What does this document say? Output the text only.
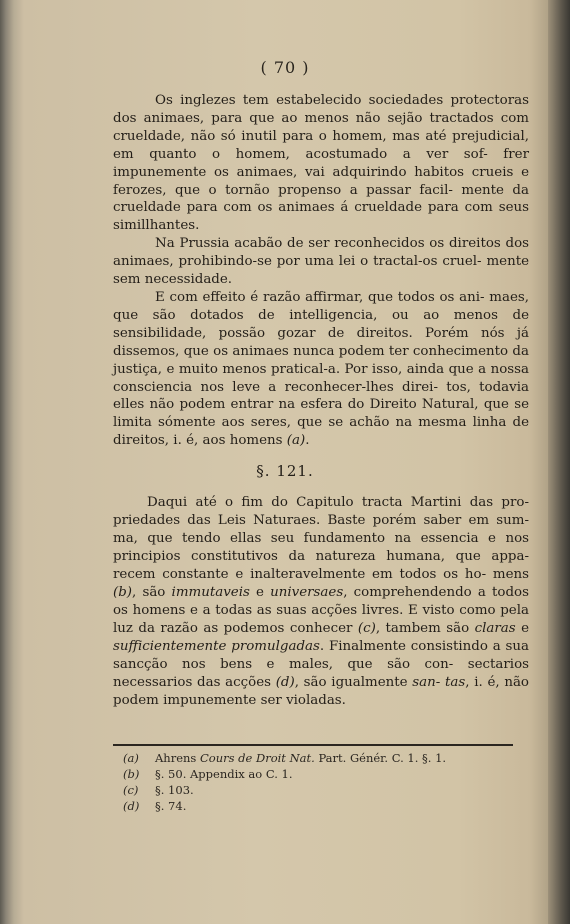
( 70 )

Os inglezes tem estabelecido sociedades protectoras dos animaes, para que ao menos não sejão tractados com crueldade, não só inutil para o homem, mas até prejudicial, em quanto o homem, acostumado a ver sof- frer impunemente os animaes, vai adquirindo habitos crueis e ferozes, que o tornão propenso a passar facil- mente da crueldade para com os animaes á crueldade para com seus simillhantes.

Na Prussia acabão de ser reconhecidos os direitos dos animaes, prohibindo-se por uma lei o tractal-os cruel- mente sem necessidade.

E com effeito é razão affirmar, que todos os ani- maes, que são dotados de intelligencia, ou ao menos de sensibilidade, possão gozar de direitos. Porém nós já dissemos, que os animaes nunca podem ter conhecimento da justiça, e muito menos pratical-a. Por isso, ainda que a nossa consciencia nos leve a reconhecer-lhes direi- tos, todavia elles não podem entrar na esfera do Direito Natural, que se limita sómente aos seres, que se achão na mesma linha de direitos, i. é, aos homens (a).

§. 121.

Daqui até o fim do Capitulo tracta Martini das pro- priedades das Leis Naturaes. Baste porém saber em sum- ma, que tendo ellas seu fundamento na essencia e nos principios constitutivos da natureza humana, que appa- recem constante e inalteravelmente em todos os ho- mens (b), são immutaveis e universaes, comprehendendo a todos os homens e a todas as suas acções livres. E visto como pela luz da razão as podemos conhecer (c), tambem são claras e sufficientemente promulgadas. Finalmente consistindo a sua sancção nos bens e males, que são con- sectarios necessarios das acções (d), são igualmente san- tas, i. é, não podem impunemente ser violadas.

(a) Ahrens Cours de Droit Nat. Part. Génér. C. 1. §. 1.
(b) §. 50. Appendix ao C. 1.
(c) §. 103.
(d) §. 74.
